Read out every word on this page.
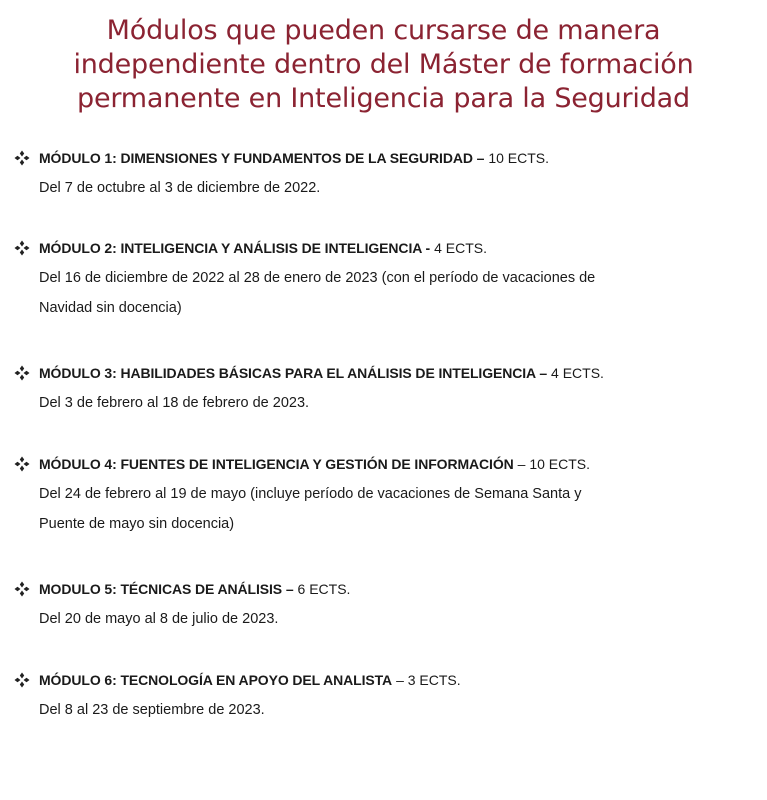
Módulos que pueden cursarse de manera
independiente dentro del Máster de formación
permanente en Inteligencia para la Seguridad
MÓDULO 1: DIMENSIONES Y FUNDAMENTOS DE LA SEGURIDAD – 10 ECTS.
Del 7 de octubre al 3 de diciembre de 2022.
MÓDULO 2: INTELIGENCIA Y ANÁLISIS DE INTELIGENCIA - 4 ECTS.
Del 16 de diciembre de 2022 al 28 de enero de 2023 (con el período de vacaciones de
Navidad sin docencia)
MÓDULO 3: HABILIDADES BÁSICAS PARA EL ANÁLISIS DE INTELIGENCIA – 4 ECTS.
Del 3 de febrero al 18 de febrero de 2023.
MÓDULO 4: FUENTES DE INTELIGENCIA Y GESTIÓN DE INFORMACIÓN – 10 ECTS.
Del 24 de febrero al 19 de mayo (incluye período de vacaciones de Semana Santa y
Puente de mayo sin docencia)
MODULO 5: TÉCNICAS DE ANÁLISIS – 6 ECTS.
Del 20 de mayo al 8 de julio de 2023.
MÓDULO 6: TECNOLOGÍA EN APOYO DEL ANALISTA – 3 ECTS.
Del 8 al 23 de septiembre de 2023.
